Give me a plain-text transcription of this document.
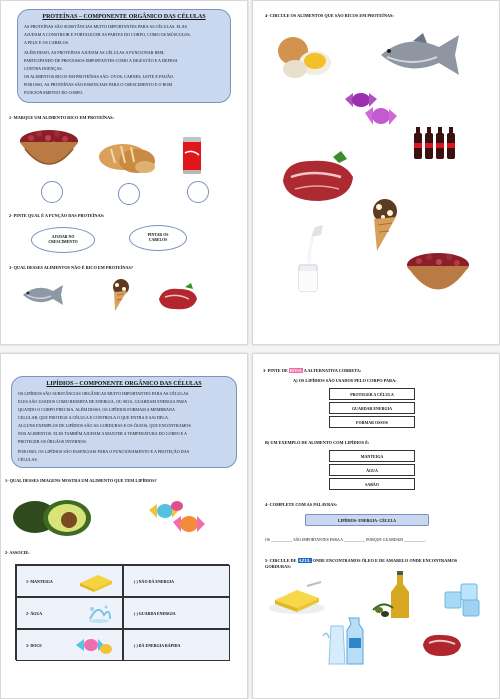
PROTEÍNAS – COMPONENTE ORGÂNICO DAS CÉLULAS
AS PROTEÍNAS SÃO SUBSTÂNCIAS MUITO IMPORTANTES PARA AS CÉLULAS. ELAS
AJUDAM A CONSTRUIR E FORTALECER AS PARTES DO CORPO, COMO OS MÚSCULOS,
A PELE E OS CABELOS.
ALÉM DISSO, AS PROTEÍNAS AJUDAM AS CÉLULAS A FUNCIONAR BEM,
PARTICIPANDO DE PROCESSOS IMPORTANTES COMO A DIGESTÃO E A DEFESA
CONTRA DOENÇAS.
OS ALIMENTOS RICOS EM PROTEÍNAS SÃO: OVOS, CARNES, LEITE E FEIJÃO.
POR ISSO, AS PROTEÍNAS SÃO ESSENCIAIS PARA O CRESCIMENTO E O BOM
FUNCIONAMENTO DO CORPO.
1- MARQUE UM ALIMENTO RICO EM PROTEÍNAS:
2- PINTE QUAL É A FUNÇÃO DAS PROTEÍNAS:
AJUDAR NO CRESCIMENTO
PINTAR OS CABELOS
3- QUAL DESSES ALIMENTOS NÃO É RICO EM PROTEÍNAS?
4- CIRCULE OS ALIMENTOS QUE SÃO RICOS EM PROTEÍNAS:
LIPÍDIOS – COMPONENTE ORGÂNICO DAS CÉLULAS
OS LIPÍDIOS SÃO SUBSTÂNCIAS ORGÂNICAS MUITO IMPORTANTES PARA AS CÉLULAS.
ELES SÃO USADOS COMO RESERVA DE ENERGIA, OU SEJA, GUARDAM ENERGIA PARA
QUANDO O CORPO PRECISA. ALÉM DISSO, OS LIPÍDIOS FORMAM A MEMBRANA
CELULAR, QUE PROTEGE A CÉLULA E CONTROLA O QUE ENTRA E SAI DELA.
ALGUNS EXEMPLOS DE LIPÍDIOS SÃO AS GORDURAS E OS ÓLEOS, QUE ENCONTRAMOS
NOS ALIMENTOS. ELES TAMBÉM AJUDAM A MANTER A TEMPERATURA DO CORPO E A
PROTEGER OS ÓRGÃOS INTERNOS.
POR ISSO, OS LIPÍDIOS SÃO ESSENCIAIS PARA O FUNCIONAMENTO E A PROTEÇÃO DAS
CÉLULAS.
1- QUAL DESSES IMAGENS MOSTRA UM ALIMENTO QUE TEM LIPÍDIOS?
2- ASSOCIE:
1- MANTEIGA
2- ÁGUA
3- DOCE
( ) NÃO DÁ ENERGIA
( ) GUARDA ENERGIA
( ) DÁ ENERGIA RÁPIDA
3- PINTE DE ROSA A ALTERNATIVA CORRETA:
A) OS LIPÍDIOS SÃO USADOS PELO CORPO PARA:
PROTEGER A CÉLULA
GUARDAR ENERGIA
FORMAR OSSOS
B) UM EXEMPLO DE ALIMENTO COM LIPÍDIOS É:
MANTEIGA
ÁGUA
SABÃO
4- COMPLETE COM AS PALAVRAS:
LIPÍDIOS- ENERGIA- CÉLULA
OS ___________ SÃO IMPORTANTES PARA A ___________ PORQUE GUARDAM ___________.
5- CIRCULE DE AZUL ONDE ENCONTRAMOS ÓLEO E DE AMARELO ONDE ENCONTRAMOS
GORDURAS:
